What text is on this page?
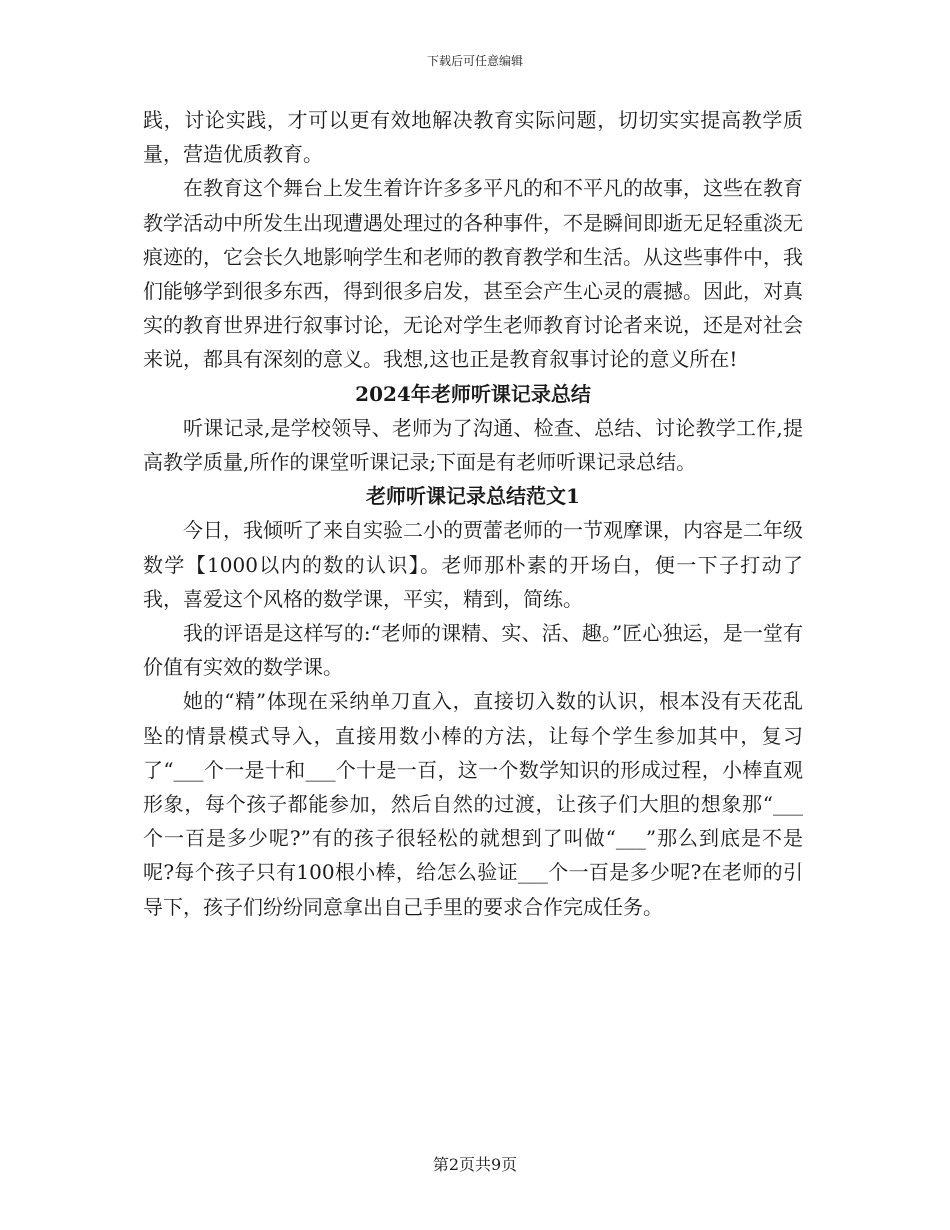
下载后可任意编辑

践，讨论实践，才可以更有效地解决教育实际问题，切切实实提高教学质量，营造优质教育。

在教育这个舞台上发生着许许多多平凡的和不平凡的故事，这些在教育教学活动中所发生出现遭遇处理过的各种事件，不是瞬间即逝无足轻重淡无痕迹的，它会长久地影响学生和老师的教育教学和生活。从这些事件中，我们能够学到很多东西，得到很多启发，甚至会产生心灵的震撼。因此，对真实的教育世界进行叙事讨论，无论对学生老师教育讨论者来说，还是对社会来说，都具有深刻的意义。我想,这也正是教育叙事讨论的意义所在!

2024年老师听课记录总结

听课记录,是学校领导、老师为了沟通、检查、总结、讨论教学工作,提高教学质量,所作的课堂听课记录;下面是有老师听课记录总结。

老师听课记录总结范文1

今日，我倾听了来自实验二小的贾蕾老师的一节观摩课，内容是二年级数学【1000以内的数的认识】。老师那朴素的开场白，便一下子打动了我，喜爱这个风格的数学课，平实，精到，简练。

我的评语是这样写的:“老师的课精、实、活、趣。”匠心独运，是一堂有价值有实效的数学课。

她的“精”体现在采纳单刀直入，直接切入数的认识，根本没有天花乱坠的情景模式导入，直接用数小棒的方法，让每个学生参加其中，复习了“___个一是十和___个十是一百，这一个数学知识的形成过程，小棒直观形象，每个孩子都能参加，然后自然的过渡，让孩子们大胆的想象那“___个一百是多少呢?”有的孩子很轻松的就想到了叫做“___”那么到底是不是呢?每个孩子只有100根小棒，给怎么验证___个一百是多少呢?在老师的引导下，孩子们纷纷同意拿出自己手里的要求合作完成任务。

第2页共9页
